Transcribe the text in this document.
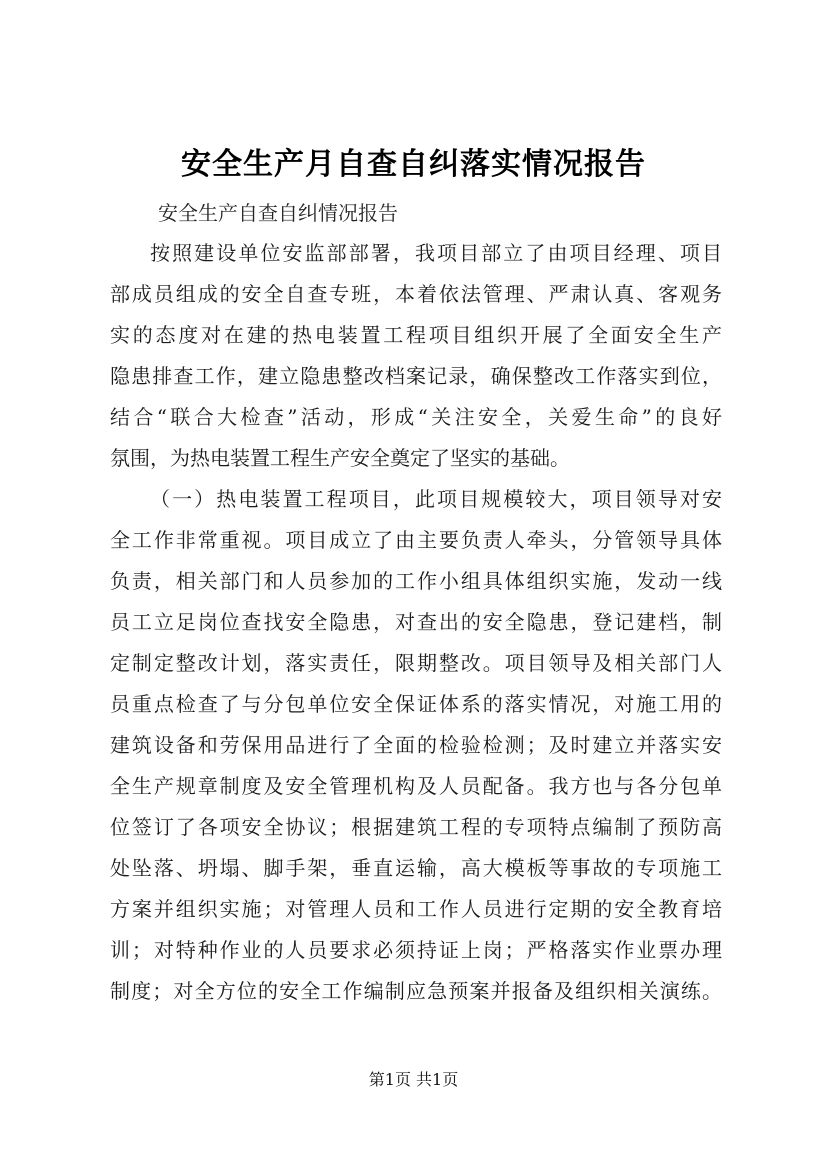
安全生产月自查自纠落实情况报告
安全生产自查自纠情况报告
按照建设单位安监部部署，我项目部立了由项目经理、项目
部成员组成的安全自查专班，本着依法管理、严肃认真、客观务
实的态度对在建的热电装置工程项目组织开展了全面安全生产
隐患排查工作，建立隐患整改档案记录，确保整改工作落实到位，
结合“联合大检查”活动，形成“关注安全，关爱生命”的良好
氛围，为热电装置工程生产安全奠定了坚实的基础。
（一）热电装置工程项目，此项目规模较大，项目领导对安
全工作非常重视。项目成立了由主要负责人牵头，分管领导具体
负责，相关部门和人员参加的工作小组具体组织实施，发动一线
员工立足岗位查找安全隐患，对查出的安全隐患，登记建档，制
定制定整改计划，落实责任，限期整改。项目领导及相关部门人
员重点检查了与分包单位安全保证体系的落实情况，对施工用的
建筑设备和劳保用品进行了全面的检验检测；及时建立并落实安
全生产规章制度及安全管理机构及人员配备。我方也与各分包单
位签订了各项安全协议；根据建筑工程的专项特点编制了预防高
处坠落、坍塌、脚手架，垂直运输，高大模板等事故的专项施工
方案并组织实施；对管理人员和工作人员进行定期的安全教育培
训；对特种作业的人员要求必须持证上岗；严格落实作业票办理
制度；对全方位的安全工作编制应急预案并报备及组织相关演练。
第1页 共1页
